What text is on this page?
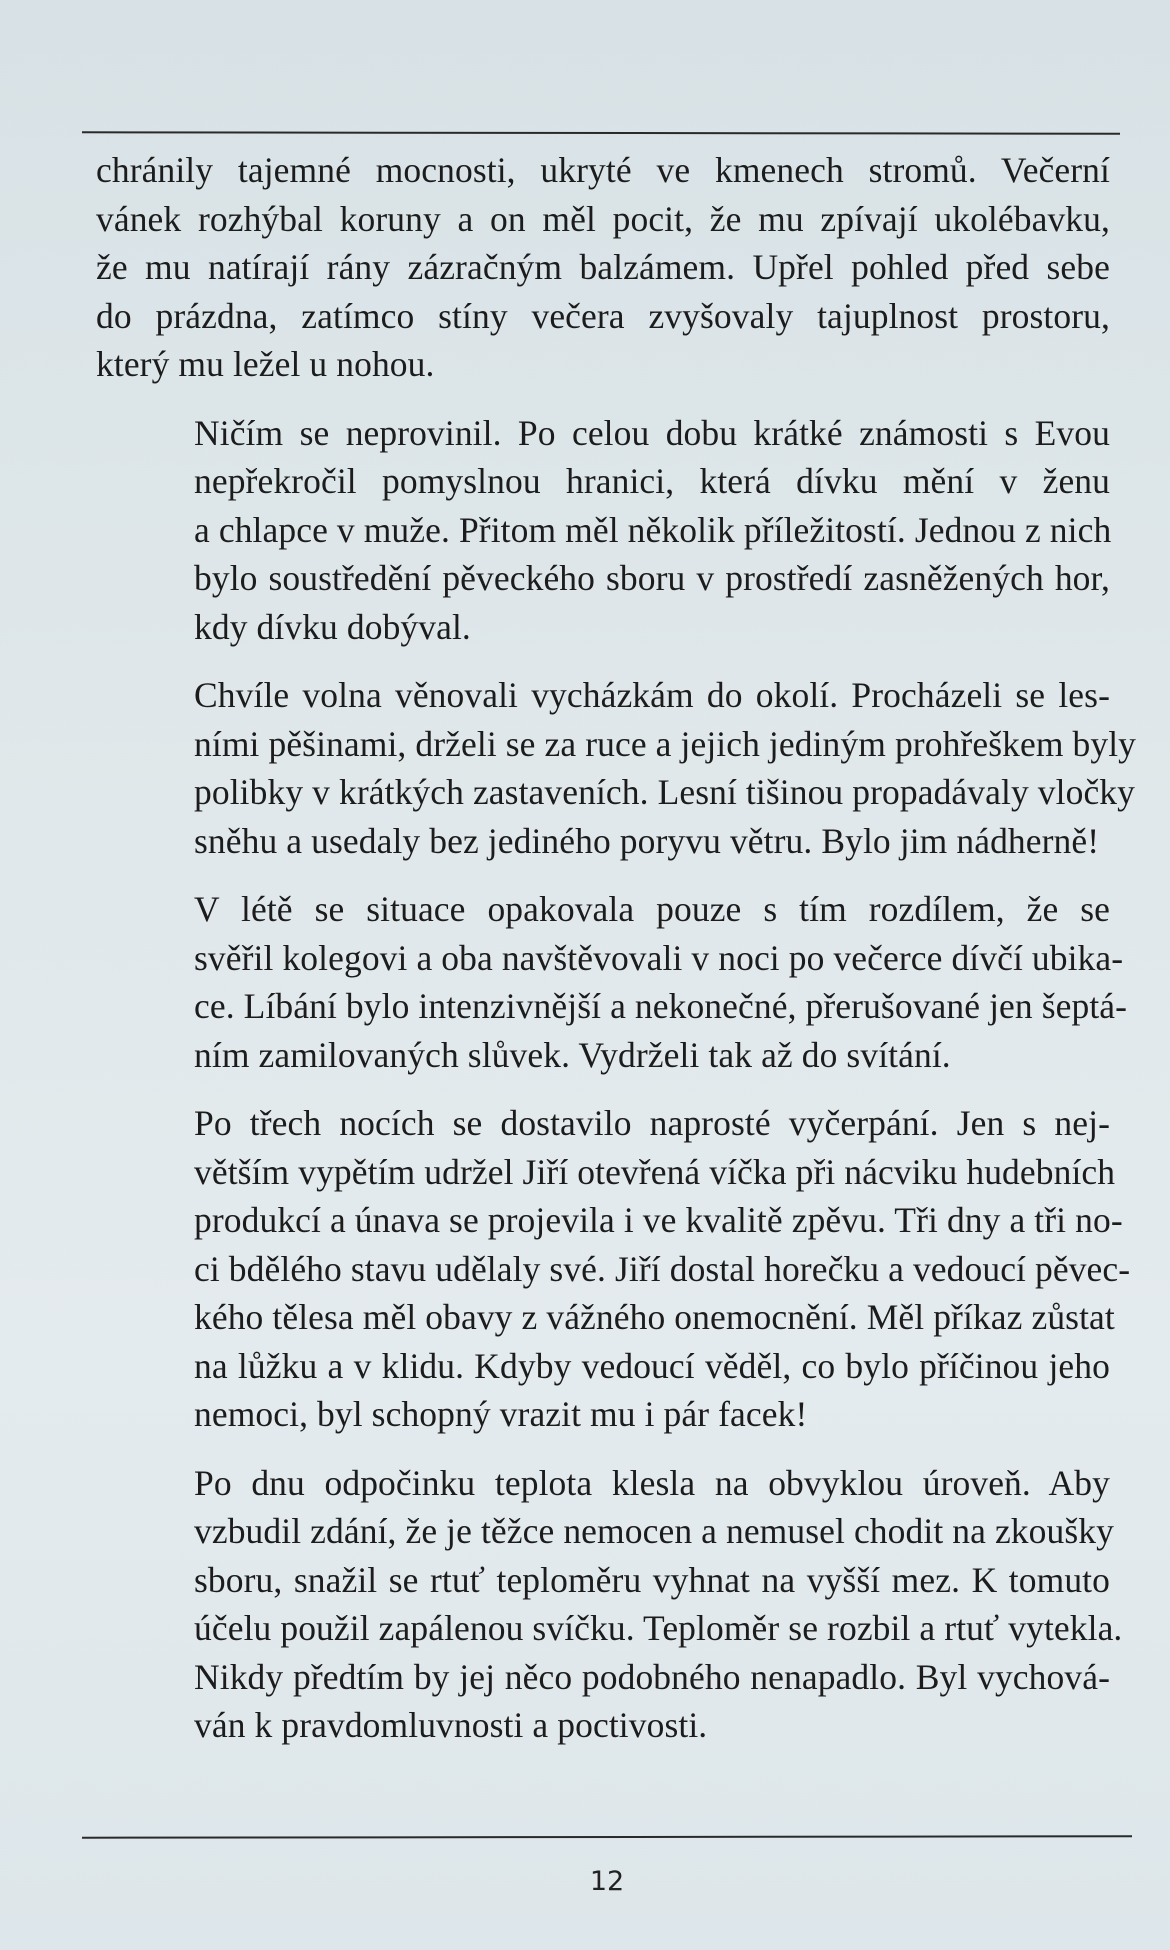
chránily tajemné mocnosti, ukryté ve kmenech stromů. Večerní
vánek rozhýbal koruny a on měl pocit, že mu zpívají ukolébavku,
že mu natírají rány zázračným balzámem. Upřel pohled před sebe
do prázdna, zatímco stíny večera zvyšovaly tajuplnost prostoru,
který mu ležel u nohou.
Ničím se neprovinil. Po celou dobu krátké známosti s Evou
nepřekročil pomyslnou hranici, která dívku mění v ženu
a chlapce v muže. Přitom měl několik příležitostí. Jednou z nich
bylo soustředění pěveckého sboru v prostředí zasněžených hor,
kdy dívku dobýval.
Chvíle volna věnovali vycházkám do okolí. Procházeli se les-
ními pěšinami, drželi se za ruce a jejich jediným prohřeškem byly
polibky v krátkých zastaveních. Lesní tišinou propadávaly vločky
sněhu a usedaly bez jediného poryvu větru. Bylo jim nádherně!
V létě se situace opakovala pouze s tím rozdílem, že se
svěřil kolegovi a oba navštěvovali v noci po večerce dívčí ubika-
ce. Líbání bylo intenzivnější a nekonečné, přerušované jen šeptá-
ním zamilovaných slůvek. Vydrželi tak až do svítání.
Po třech nocích se dostavilo naprosté vyčerpání. Jen s nej-
větším vypětím udržel Jiří otevřená víčka při nácviku hudebních
produkcí a únava se projevila i ve kvalitě zpěvu. Tři dny a tři no-
ci bdělého stavu udělaly své. Jiří dostal horečku a vedoucí pěvec-
kého tělesa měl obavy z vážného onemocnění. Měl příkaz zůstat
na lůžku a v klidu. Kdyby vedoucí věděl, co bylo příčinou jeho
nemoci, byl schopný vrazit mu i pár facek!
Po dnu odpočinku teplota klesla na obvyklou úroveň. Aby
vzbudil zdání, že je těžce nemocen a nemusel chodit na zkoušky
sboru, snažil se rtuť teploměru vyhnat na vyšší mez. K tomuto
účelu použil zapálenou svíčku. Teploměr se rozbil a rtuť vytekla.
Nikdy předtím by jej něco podobného nenapadlo. Byl vychová-
ván k pravdomluvnosti a poctivosti.
12
